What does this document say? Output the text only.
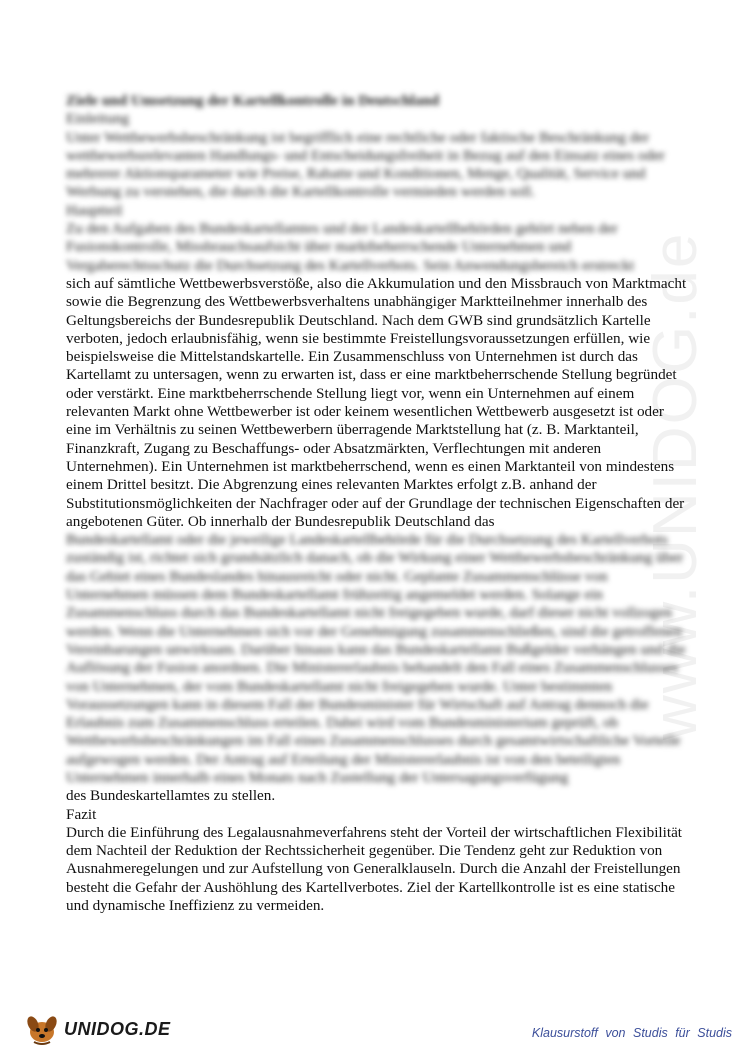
www.UNIDOG.de

Ziele und Umsetzung der Kartellkontrolle in Deutschland

Einleitung

Unter Wettbewerbsbeschränkung ist begrifflich eine rechtliche oder faktische Beschränkung der wettbewerbsrelevanten Handlungs- und Entscheidungsfreiheit in Bezug auf den Einsatz eines oder mehrerer Aktionsparameter wie Preise, Rabatte und Konditionen, Menge, Qualität, Service und Werbung zu verstehen, die durch die Kartellkontrolle vermieden werden soll.

Hauptteil

Zu den Aufgaben des Bundeskartellamtes und der Landeskartellbehörden gehört neben der Fusionskontrolle, Missbrauchsaufsicht über marktbeherrschende Unternehmen und Vergaberechtsschutz die Durchsetzung des Kartellverbots. Sein Anwendungsbereich erstreckt

sich auf sämtliche Wettbewerbsverstöße, also die Akkumulation und den Missbrauch von Marktmacht sowie die Begrenzung des Wettbewerbsverhaltens unabhängiger Marktteilnehmer innerhalb des Geltungsbereichs der Bundesrepublik Deutschland. Nach dem GWB sind grundsätzlich Kartelle verboten, jedoch erlaubnisfähig, wenn sie bestimmte Freistellungsvoraussetzungen erfüllen, wie beispielsweise die Mittelstandskartelle. Ein Zusammenschluss von Unternehmen ist durch das Kartellamt zu untersagen, wenn zu erwarten ist, dass er eine marktbeherrschende Stellung begründet oder verstärkt. Eine marktbeherrschende Stellung liegt vor, wenn ein Unternehmen auf einem relevanten Markt ohne Wettbewerber ist oder keinem wesentlichen Wettbewerb ausgesetzt ist oder eine im Verhältnis zu seinen Wettbewerbern überragende Marktstellung hat (z. B. Marktanteil, Finanzkraft, Zugang zu Beschaffungs- oder Absatzmärkten, Verflechtungen mit anderen Unternehmen). Ein Unternehmen ist marktbeherrschend, wenn es einen Marktanteil von mindestens einem Drittel besitzt. Die Abgrenzung eines relevanten Marktes erfolgt z.B. anhand der Substitutionsmöglichkeiten der Nachfrager oder auf der Grundlage der technischen Eigenschaften der angebotenen Güter. Ob innerhalb der Bundesrepublik Deutschland das

Bundeskartellamt oder die jeweilige Landeskartellbehörde für die Durchsetzung des Kartellverbots zuständig ist, richtet sich grundsätzlich danach, ob die Wirkung einer Wettbewerbsbeschränkung über das Gebiet eines Bundeslandes hinausreicht oder nicht. Geplante Zusammenschlüsse von Unternehmen müssen dem Bundeskartellamt frühzeitig angemeldet werden. Solange ein Zusammenschluss durch das Bundeskartellamt nicht freigegeben wurde, darf dieser nicht vollzogen werden. Wenn die Unternehmen sich vor der Genehmigung zusammenschließen, sind die getroffenen Vereinbarungen unwirksam. Darüber hinaus kann das Bundeskartellamt Bußgelder verhängen und die Auflösung der Fusion anordnen. Die Ministererlaubnis behandelt den Fall eines Zusammenschlusses von Unternehmen, der vom Bundeskartellamt nicht freigegeben wurde. Unter bestimmten Voraussetzungen kann in diesem Fall der Bundesminister für Wirtschaft auf Antrag dennoch die Erlaubnis zum Zusammenschluss erteilen. Dabei wird vom Bundesministerium geprüft, ob Wettbewerbsbeschränkungen im Fall eines Zusammenschlusses durch gesamtwirtschaftliche Vorteile aufgewogen werden. Der Antrag auf Erteilung der Ministererlaubnis ist von den beteiligten Unternehmen innerhalb eines Monats nach Zustellung der Untersagungsverfügung

des Bundeskartellamtes zu stellen.

Fazit

Durch die Einführung des Legalausnahmeverfahrens steht der Vorteil der wirtschaftlichen Flexibilität dem Nachteil der Reduktion der Rechtssicherheit gegenüber. Die Tendenz geht zur Reduktion von Ausnahmeregelungen und zur Aufstellung von Generalklauseln. Durch die Anzahl der Freistellungen besteht die Gefahr der Aushöhlung des Kartellverbotes. Ziel der Kartellkontrolle ist es eine statische und dynamische Ineffizienz zu vermeiden.

UNIDOG.DE	Klausurstoff von Studis für Studis
